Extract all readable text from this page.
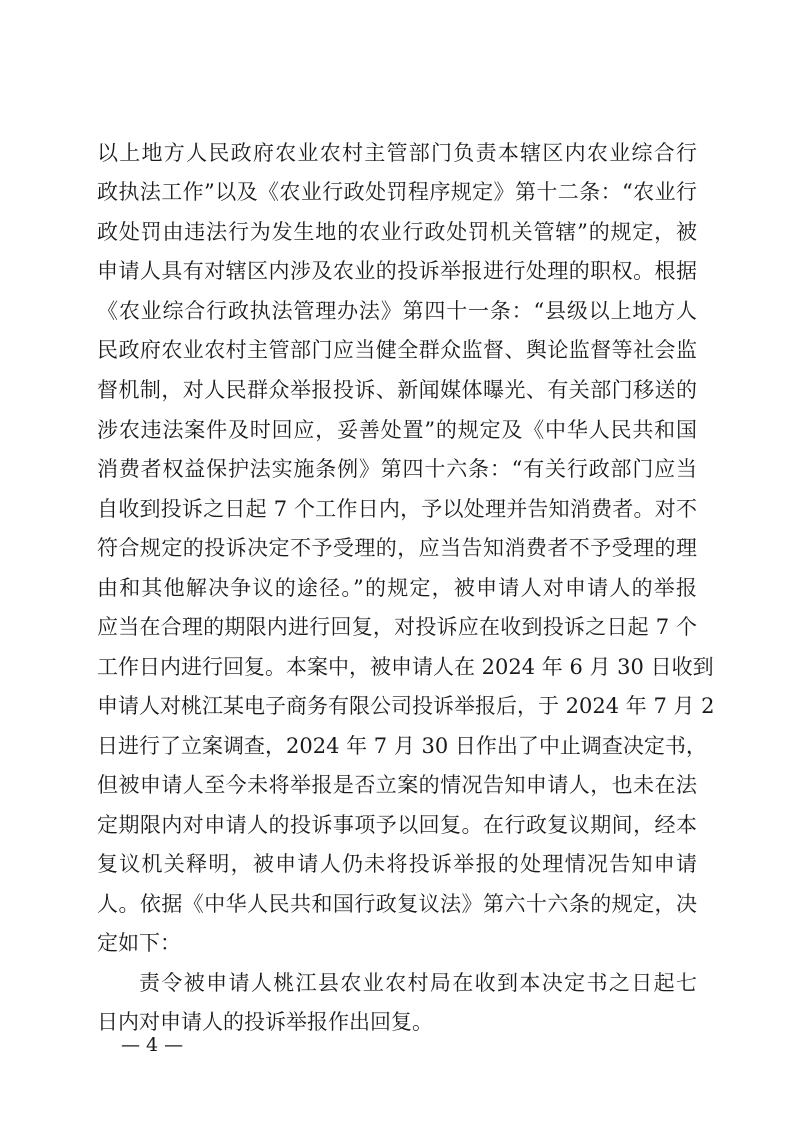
以上地方人民政府农业农村主管部门负责本辖区内农业综合行
政执法工作”以及《农业行政处罚程序规定》第十二条：“农业行
政处罚由违法行为发生地的农业行政处罚机关管辖”的规定，被
申请人具有对辖区内涉及农业的投诉举报进行处理的职权。根据
《农业综合行政执法管理办法》第四十一条：“县级以上地方人
民政府农业农村主管部门应当健全群众监督、舆论监督等社会监
督机制，对人民群众举报投诉、新闻媒体曝光、有关部门移送的
涉农违法案件及时回应，妥善处置”的规定及《中华人民共和国
消费者权益保护法实施条例》第四十六条：“有关行政部门应当
自收到投诉之日起 7 个工作日内，予以处理并告知消费者。对不
符合规定的投诉决定不予受理的，应当告知消费者不予受理的理
由和其他解决争议的途径。”的规定，被申请人对申请人的举报
应当在合理的期限内进行回复，对投诉应在收到投诉之日起 7 个
工作日内进行回复。本案中，被申请人在 2024 年 6 月 30 日收到
申请人对桃江某电子商务有限公司投诉举报后，于 2024 年 7 月 2
日进行了立案调查，2024 年 7 月 30 日作出了中止调查决定书，
但被申请人至今未将举报是否立案的情况告知申请人，也未在法
定期限内对申请人的投诉事项予以回复。在行政复议期间，经本
复议机关释明，被申请人仍未将投诉举报的处理情况告知申请
人。依据《中华人民共和国行政复议法》第六十六条的规定，决
定如下：
责令被申请人桃江县农业农村局在收到本决定书之日起七
日内对申请人的投诉举报作出回复。
— 4 —
